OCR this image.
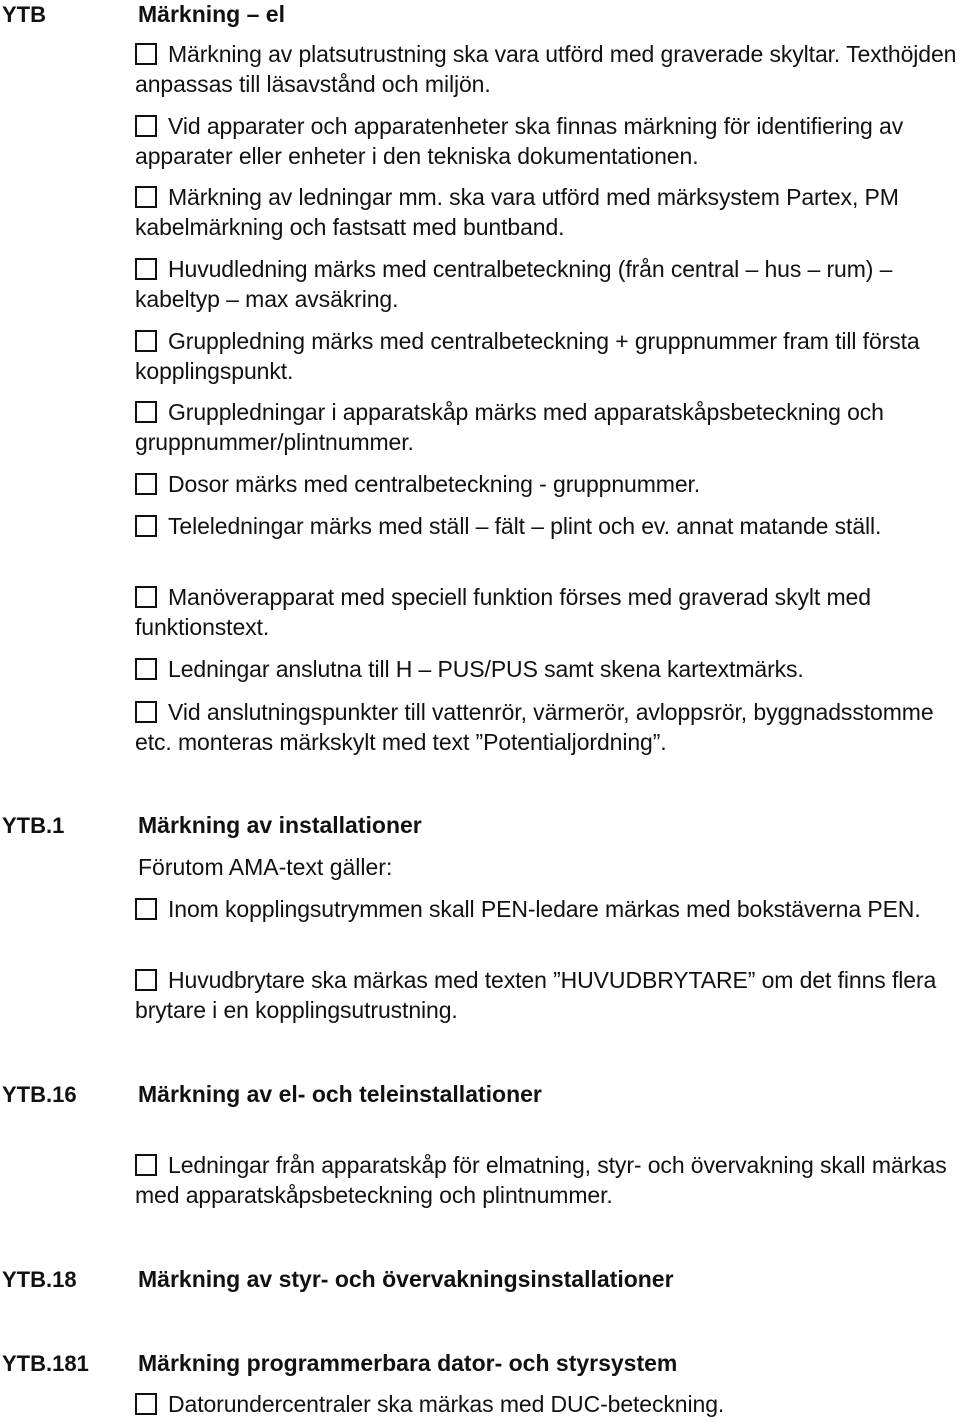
YTB	Märkning – el
Märkning av platsutrustning ska vara utförd med graverade skyltar. Texthöjden anpassas till läsavstånd och miljön.
Vid apparater och apparatenheter ska finnas märkning för identifiering av apparater eller enheter i den tekniska dokumentationen.
Märkning av ledningar mm. ska vara utförd med märksystem Partex, PM kabelmärkning och fastsatt med buntband.
Huvudledning märks med centralbeteckning (från central – hus – rum) – kabeltyp – max avsäkring.
Gruppledning märks med centralbeteckning + gruppnummer fram till första kopplingspunkt.
Gruppledningar i apparatskåp märks med apparatskåpsbeteckning och gruppnummer/plintnummer.
Dosor märks med centralbeteckning - gruppnummer.
Teleledningar märks med ställ – fält – plint och ev. annat matande ställ.
Manöverapparat med speciell funktion förses med graverad skylt med funktionstext.
Ledningar anslutna till H – PUS/PUS samt skena kartextmärks.
Vid anslutningspunkter till vattenrör, värmerör, avloppsrör, byggnadsstomme etc. monteras märkskylt med text ”Potentialjordning”.
YTB.1	Märkning av installationer
Förutom AMA-text gäller:
Inom kopplingsutrymmen skall PEN-ledare märkas med bokstäverna PEN.
Huvudbrytare ska märkas med texten ”HUVUDBRYTARE” om det finns flera brytare i en kopplingsutrustning.
YTB.16	Märkning av el- och teleinstallationer
Ledningar från apparatskåp för elmatning, styr- och övervakning skall märkas med apparatskåpsbeteckning och plintnummer.
YTB.18	Märkning av styr- och övervakningsinstallationer
YTB.181 Märkning programmerbara dator- och styrsystem
Datorundercentraler ska märkas med DUC-beteckning.
